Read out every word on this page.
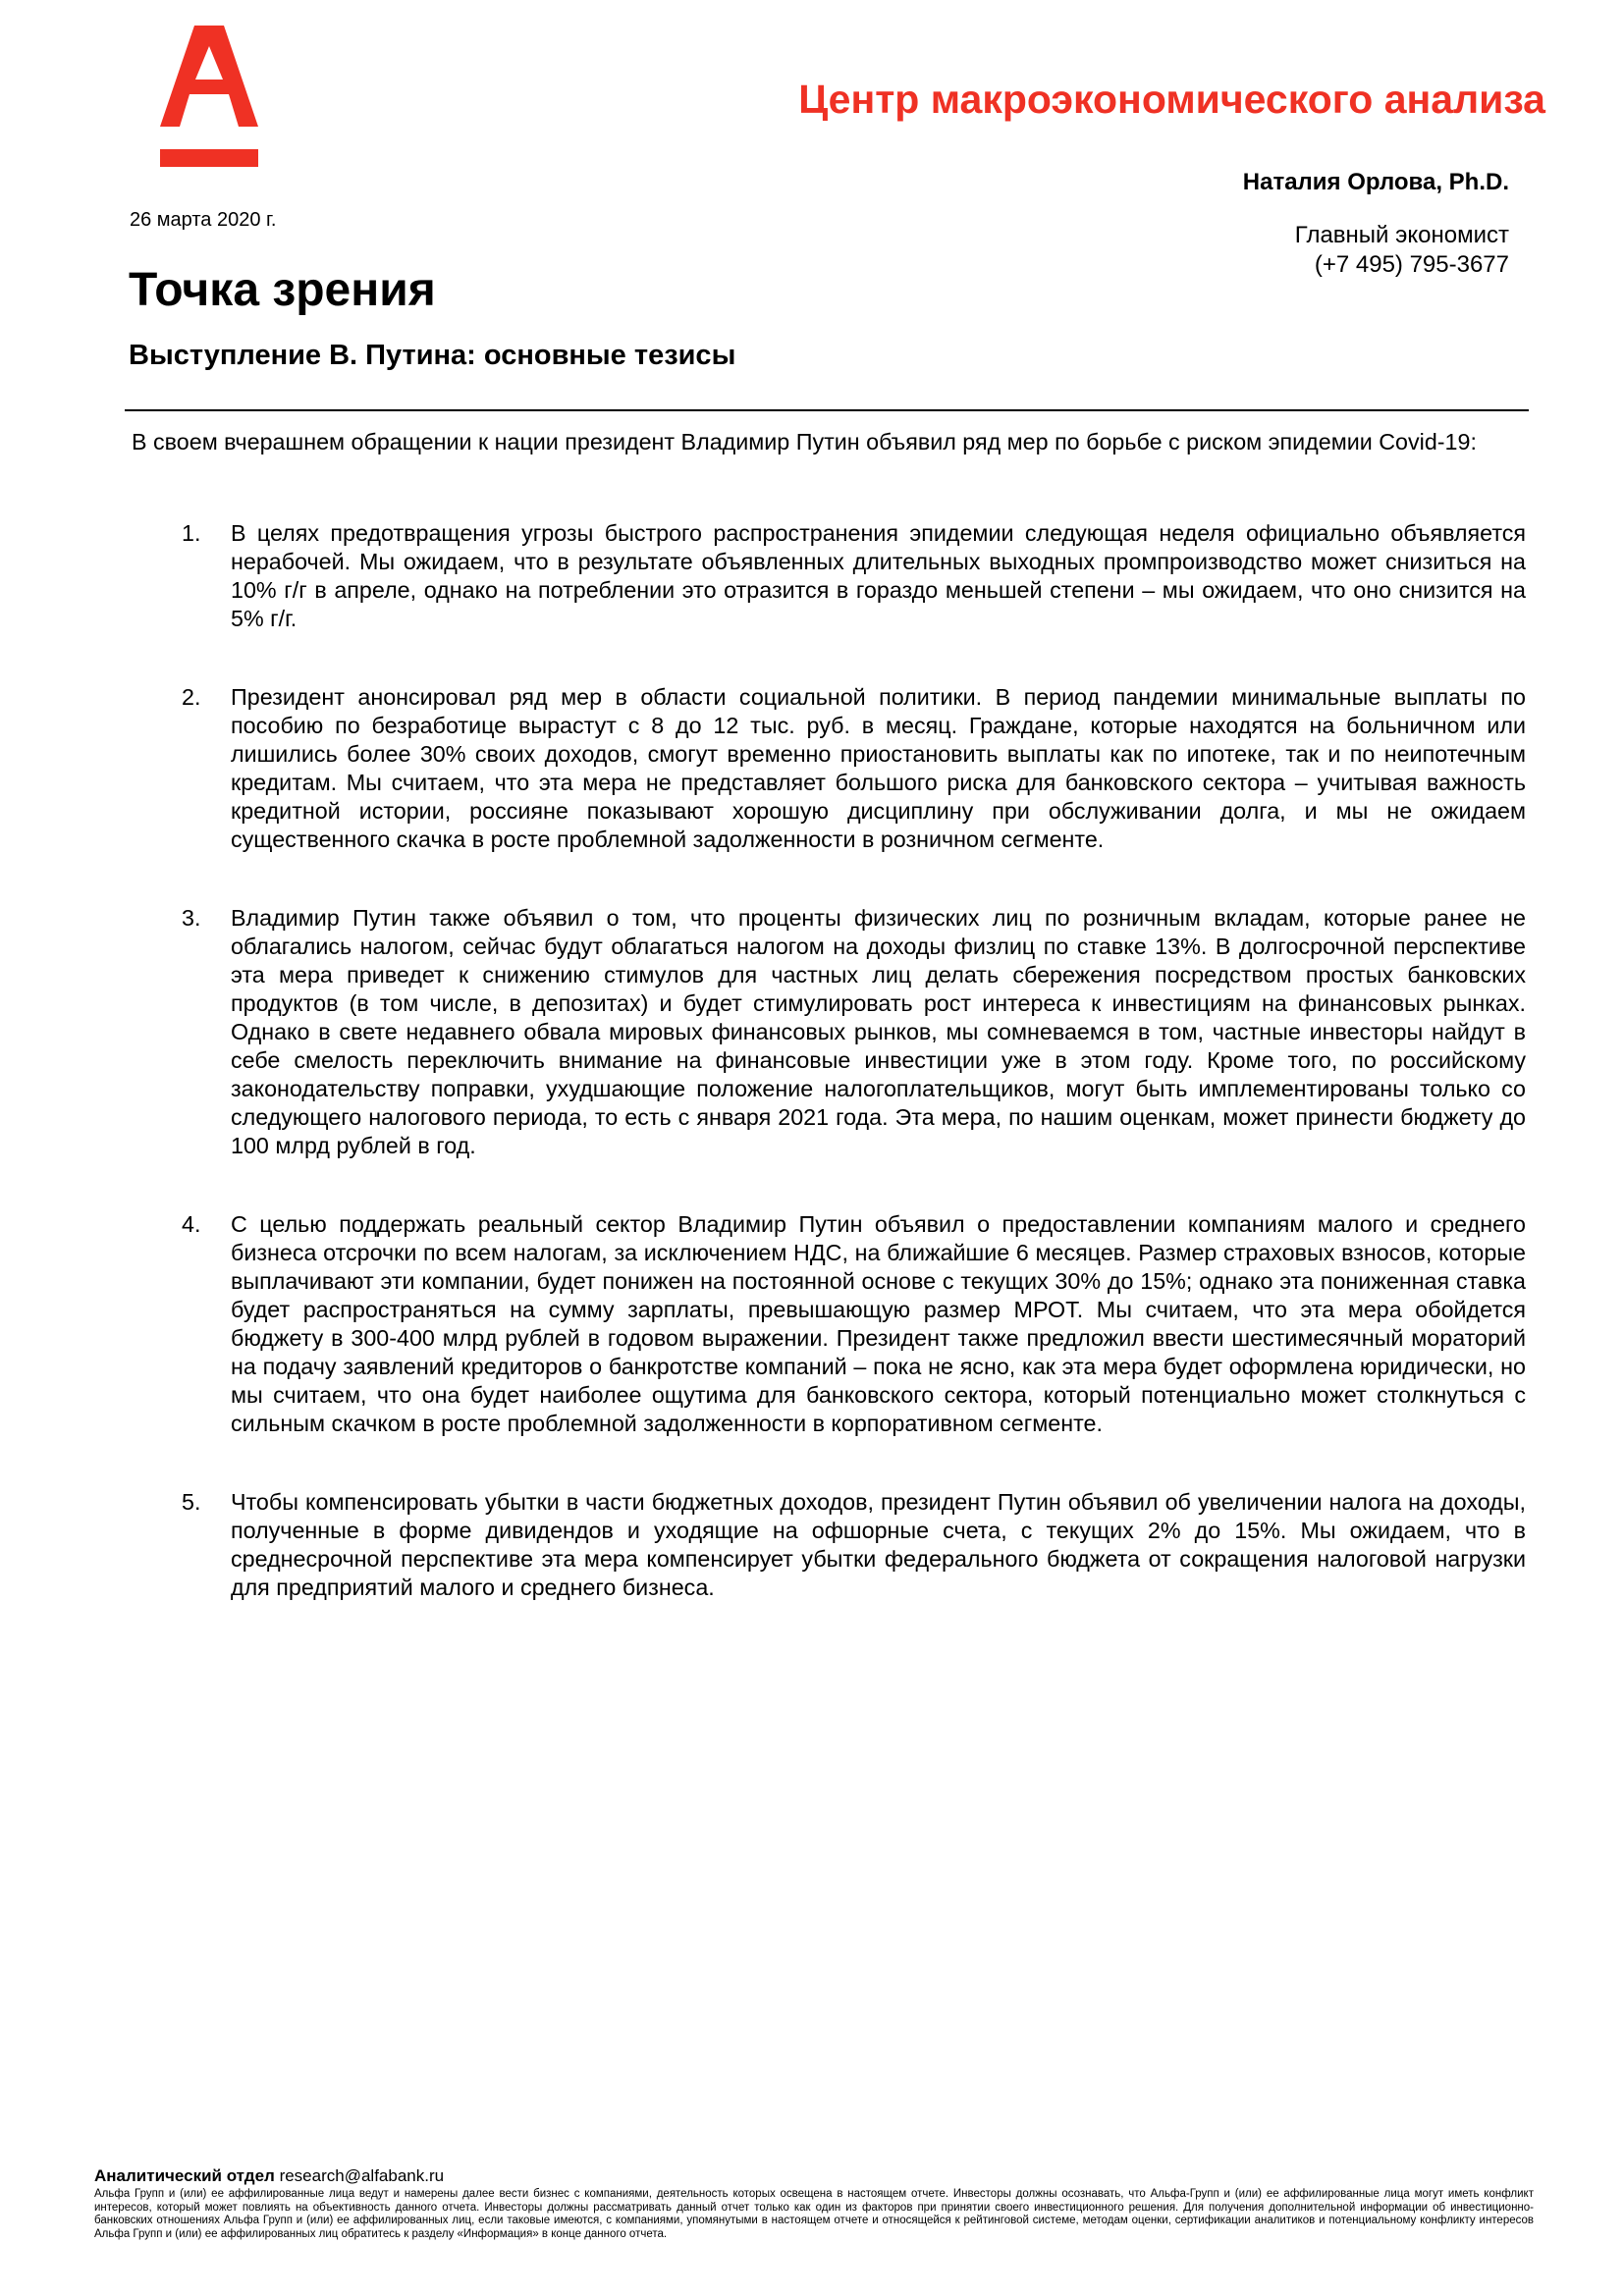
Центр макроэкономического анализа
Наталия Орлова, Ph.D.
Главный экономист
(+7 495) 795-3677
26 марта 2020 г.
Точка зрения
Выступление В. Путина: основные тезисы

В своем вчерашнем обращении к нации президент Владимир Путин объявил ряд мер по борьбе с риском эпидемии Covid-19:

1. В целях предотвращения угрозы быстрого распространения эпидемии следующая неделя официально объявляется нерабочей. Мы ожидаем, что в результате объявленных длительных выходных промпроизводство может снизиться на 10% г/г в апреле, однако на потреблении это отразится в гораздо меньшей степени – мы ожидаем, что оно снизится на 5% г/г.
2. Президент анонсировал ряд мер в области социальной политики. В период пандемии минимальные выплаты по пособию по безработице вырастут с 8 до 12 тыс. руб. в месяц. Граждане, которые находятся на больничном или лишились более 30% своих доходов, смогут временно приостановить выплаты как по ипотеке, так и по неипотечным кредитам. Мы считаем, что эта мера не представляет большого риска для банковского сектора – учитывая важность кредитной истории, россияне показывают хорошую дисциплину при обслуживании долга, и мы не ожидаем существенного скачка в росте проблемной задолженности в розничном сегменте.
3. Владимир Путин также объявил о том, что проценты физических лиц по розничным вкладам, которые ранее не облагались налогом, сейчас будут облагаться налогом на доходы физлиц по ставке 13%. В долгосрочной перспективе эта мера приведет к снижению стимулов для частных лиц делать сбережения посредством простых банковских продуктов (в том числе, в депозитах) и будет стимулировать рост интереса к инвестициям на финансовых рынках. Однако в свете недавнего обвала мировых финансовых рынков, мы сомневаемся в том, частные инвесторы найдут в себе смелость переключить внимание на финансовые инвестиции уже в этом году. Кроме того, по российскому законодательству поправки, ухудшающие положение налогоплательщиков, могут быть имплементированы только со следующего налогового периода, то есть с января 2021 года. Эта мера, по нашим оценкам, может принести бюджету до 100 млрд рублей в год.
4. С целью поддержать реальный сектор Владимир Путин объявил о предоставлении компаниям малого и среднего бизнеса отсрочки по всем налогам, за исключением НДС, на ближайшие 6 месяцев. Размер страховых взносов, которые выплачивают эти компании, будет понижен на постоянной основе с текущих 30% до 15%; однако эта пониженная ставка будет распространяться на сумму зарплаты, превышающую размер МРОТ. Мы считаем, что эта мера обойдется бюджету в 300-400 млрд рублей в годовом выражении. Президент также предложил ввести шестимесячный мораторий на подачу заявлений кредиторов о банкротстве компаний – пока не ясно, как эта мера будет оформлена юридически, но мы считаем, что она будет наиболее ощутима для банковского сектора, который потенциально может столкнуться с сильным скачком в росте проблемной задолженности в корпоративном сегменте.
5. Чтобы компенсировать убытки в части бюджетных доходов, президент Путин объявил об увеличении налога на доходы, полученные в форме дивидендов и уходящие на офшорные счета, с текущих 2% до 15%. Мы ожидаем, что в среднесрочной перспективе эта мера компенсирует убытки федерального бюджета от сокращения налоговой нагрузки для предприятий малого и среднего бизнеса.
Аналитический отдел research@alfabank.ru
Альфа Групп и (или) ее аффилированные лица ведут и намерены далее вести бизнес с компаниями, деятельность которых освещена в настоящем отчете. Инвесторы должны осознавать, что Альфа-Групп и (или) ее аффилированные лица могут иметь конфликт интересов, который может повлиять на объективность данного отчета. Инвесторы должны рассматривать данный отчет только как один из факторов при принятии своего инвестиционного решения. Для получения дополнительной информации об инвестиционно-банковских отношениях Альфа Групп и (или) ее аффилированных лиц, если таковые имеются, с компаниями, упомянутыми в настоящем отчете и относящейся к рейтинговой системе, методам оценки, сертификации аналитиков и потенциальному конфликту интересов Альфа Групп и (или) ее аффилированных лиц обратитесь к разделу «Информация» в конце данного отчета.
